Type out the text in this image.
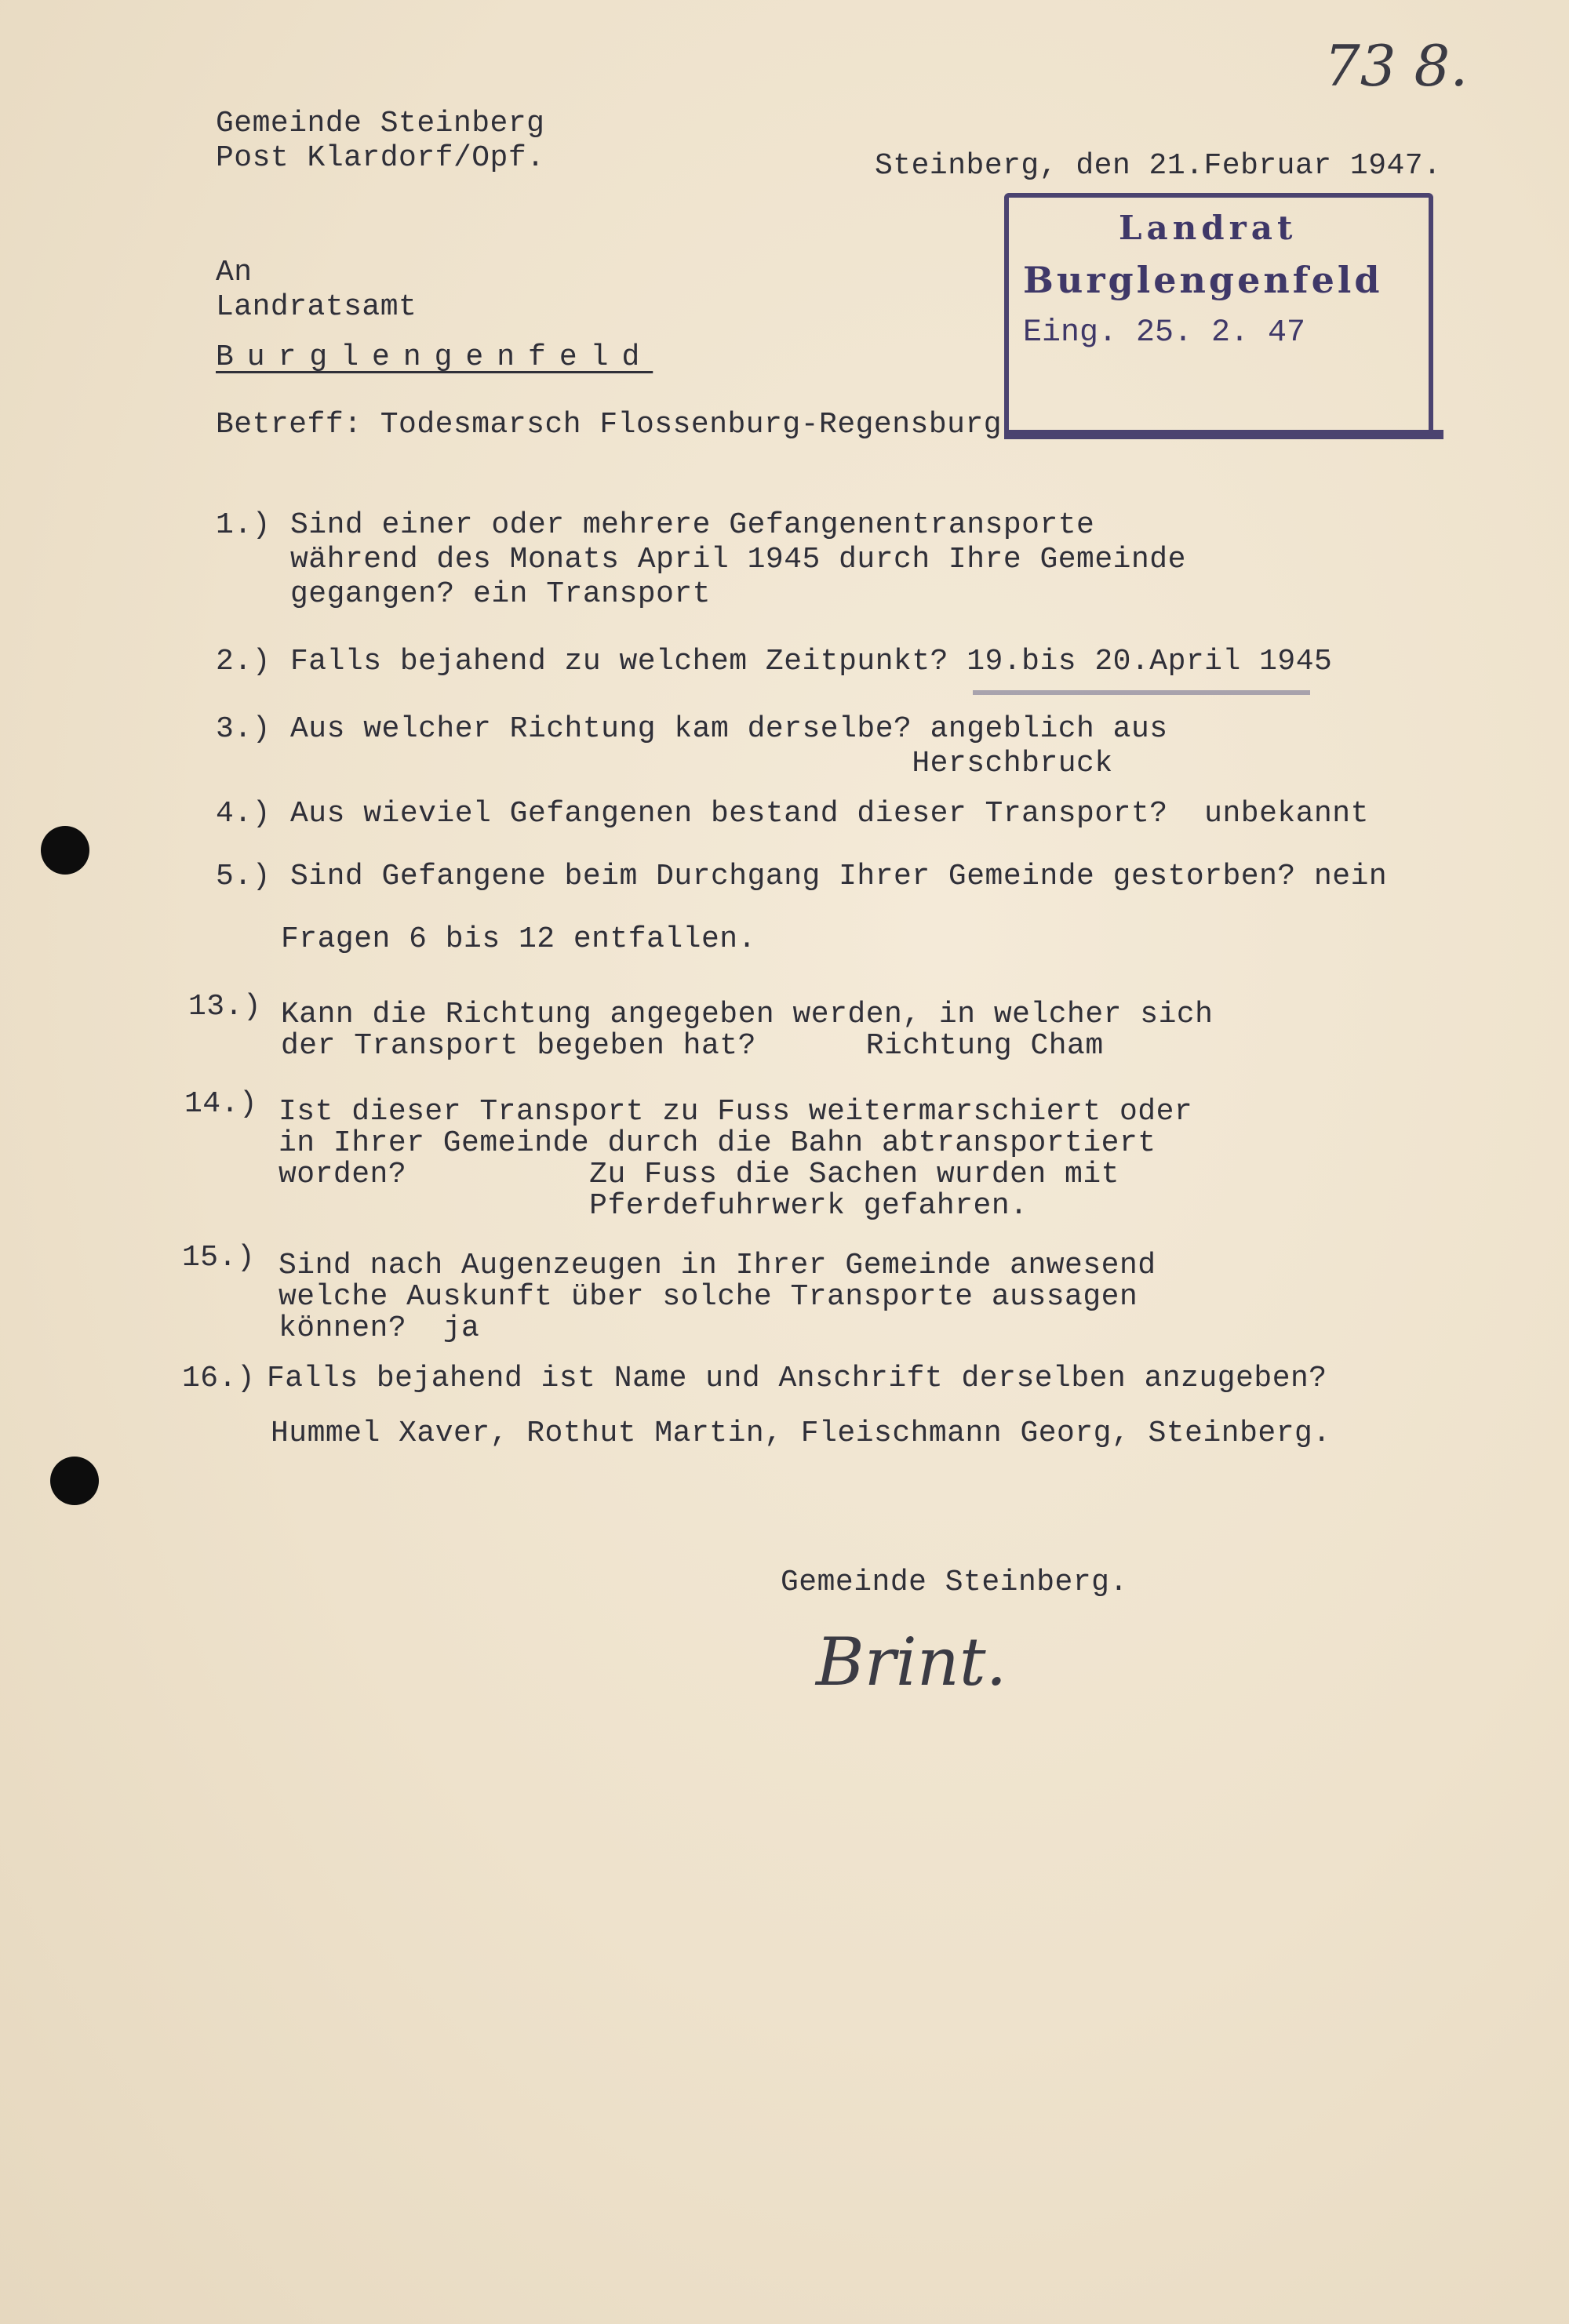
73 8.
Gemeinde Steinberg
Post Klardorf/Opf.	Steinberg, den 21.Februar 1947.
Landrat
Burglengenfeld
Eing. 25. 2. 47
An
Landratsamt
Burglengenfeld
Betreff: Todesmarsch Flossenburg-Regensburg
1.) Sind einer oder mehrere Gefangenentransporte
während des Monats April 1945 durch Ihre Gemeinde
gegangen? ein Transport
2.) Falls bejahend zu welchem Zeitpunkt? 19.bis 20.April 1945
3.) Aus welcher Richtung kam derselbe? angeblich aus
Herschbruck
4.) Aus wieviel Gefangenen bestand dieser Transport?  unbekannt
5.) Sind Gefangene beim Durchgang Ihrer Gemeinde gestorben? nein
Fragen 6 bis 12 entfallen.
13.) Kann die Richtung angegeben werden, in welcher sich
der Transport begeben hat?      Richtung Cham
14.) Ist dieser Transport zu Fuss weitermarschiert oder
in Ihrer Gemeinde durch die Bahn abtransportiert
worden?          Zu Fuss die Sachen wurden mit
Pferdefuhrwerk gefahren.
15.) Sind nach Augenzeugen in Ihrer Gemeinde anwesend
welche Auskunft über solche Transporte aussagen
können?  ja
16.) Falls bejahend ist Name und Anschrift derselben anzugeben?
Hummel Xaver, Rothut Martin, Fleischmann Georg, Steinberg.
Gemeinde Steinberg.
Brint.
